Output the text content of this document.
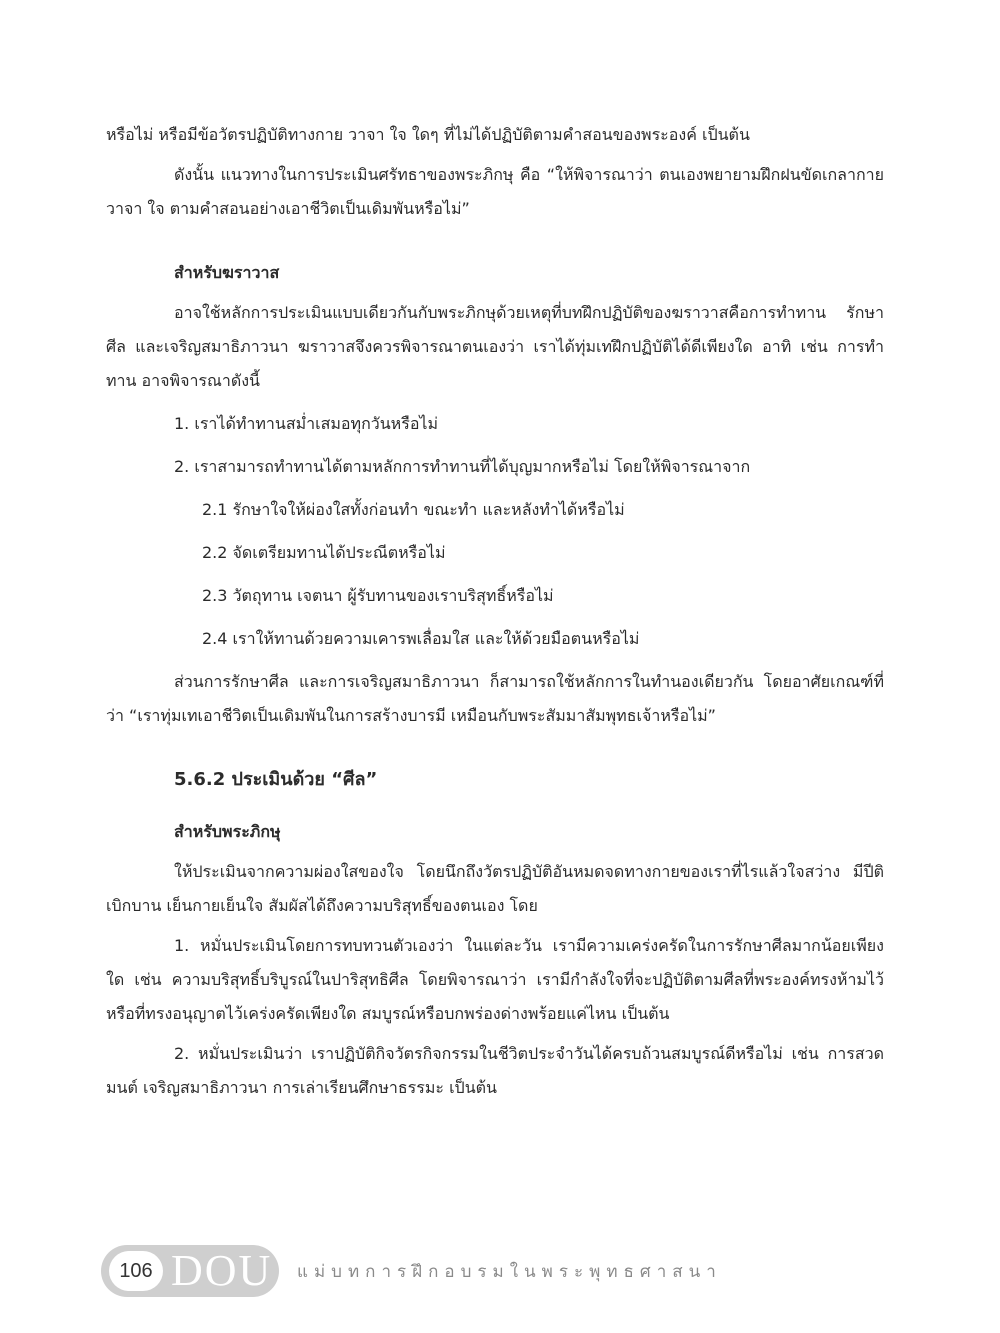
หรือไม่ หรือมีข้อวัตรปฏิบัติทางกาย วาจา ใจ ใดๆ ที่ไม่ได้ปฏิบัติตามคำสอนของพระองค์ เป็นต้น

ดังนั้น แนวทางในการประเมินศรัทธาของพระภิกษุ คือ “ให้พิจารณาว่า ตนเองพยายามฝึกฝนขัดเกลากาย วาจา ใจ ตามคำสอนอย่างเอาชีวิตเป็นเดิมพันหรือไม่”

สำหรับฆราวาส

อาจใช้หลักการประเมินแบบเดียวกันกับพระภิกษุด้วยเหตุที่บทฝึกปฏิบัติของฆราวาสคือการทำทาน รักษาศีล และเจริญสมาธิภาวนา ฆราวาสจึงควรพิจารณาตนเองว่า เราได้ทุ่มเทฝึกปฏิบัติได้ดีเพียงใด อาทิ เช่น การทำทาน อาจพิจารณาดังนี้

1. เราได้ทำทานสม่ำเสมอทุกวันหรือไม่

2. เราสามารถทำทานได้ตามหลักการทำทานที่ได้บุญมากหรือไม่ โดยให้พิจารณาจาก

2.1 รักษาใจให้ผ่องใสทั้งก่อนทำ ขณะทำ และหลังทำได้หรือไม่

2.2 จัดเตรียมทานได้ประณีตหรือไม่

2.3 วัตถุทาน เจตนา ผู้รับทานของเราบริสุทธิ์หรือไม่

2.4 เราให้ทานด้วยความเคารพเลื่อมใส และให้ด้วยมือตนหรือไม่

ส่วนการรักษาศีล และการเจริญสมาธิภาวนา ก็สามารถใช้หลักการในทำนองเดียวกัน โดยอาศัยเกณฑ์ที่ว่า “เราทุ่มเทเอาชีวิตเป็นเดิมพันในการสร้างบารมี เหมือนกับพระสัมมาสัมพุทธเจ้าหรือไม่”

5.6.2 ประเมินด้วย “ศีล”
สำหรับพระภิกษุ

ให้ประเมินจากความผ่องใสของใจ โดยนึกถึงวัตรปฏิบัติอันหมดจดทางกายของเราที่ไรแล้วใจสว่าง มีปีติเบิกบาน เย็นกายเย็นใจ สัมผัสได้ถึงความบริสุทธิ์ของตนเอง โดย

1. หมั่นประเมินโดยการทบทวนตัวเองว่า ในแต่ละวัน เรามีความเคร่งครัดในการรักษาศีลมากน้อยเพียงใด เช่น ความบริสุทธิ์บริบูรณ์ในปาริสุทธิศีล โดยพิจารณาว่า เรามีกำลังใจที่จะปฏิบัติตามศีลที่พระองค์ทรงห้ามไว้ หรือที่ทรงอนุญาตไว้เคร่งครัดเพียงใด สมบูรณ์หรือบกพร่องด่างพร้อยแค่ไหน เป็นต้น

2. หมั่นประเมินว่า เราปฏิบัติกิจวัตรกิจกรรมในชีวิตประจำวันได้ครบถ้วนสมบูรณ์ดีหรือไม่ เช่น การสวดมนต์ เจริญสมาธิภาวนา การเล่าเรียนศึกษาธรรมะ เป็นต้น

106 DOU แม่บทการฝึกอบรมในพระพุทธศาสนา
